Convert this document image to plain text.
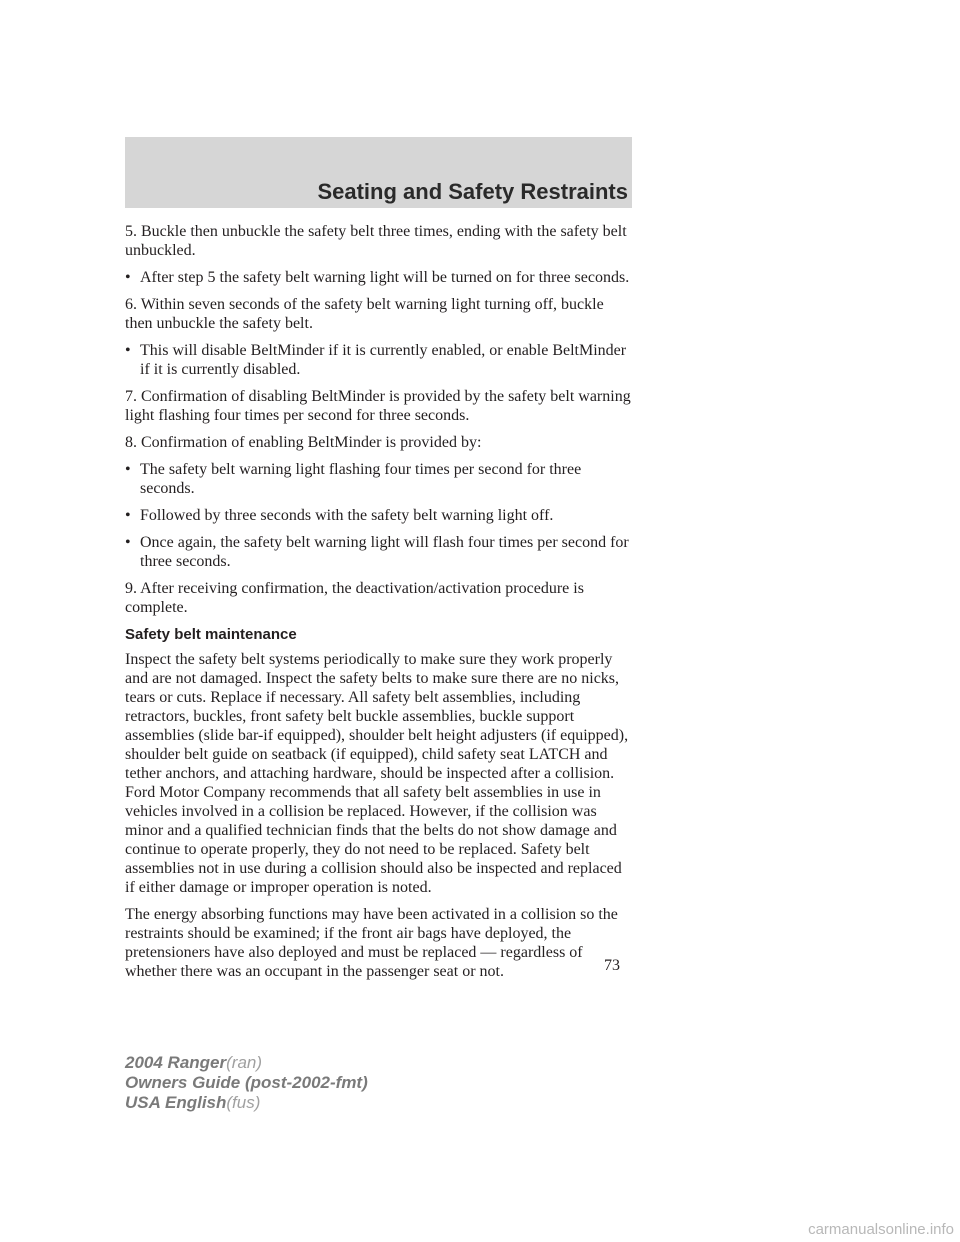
Seating and Safety Restraints

5. Buckle then unbuckle the safety belt three times, ending with the safety belt unbuckled.

• After step 5 the safety belt warning light will be turned on for three seconds.

6. Within seven seconds of the safety belt warning light turning off, buckle then unbuckle the safety belt.

• This will disable BeltMinder if it is currently enabled, or enable BeltMinder if it is currently disabled.

7. Confirmation of disabling BeltMinder is provided by the safety belt warning light flashing four times per second for three seconds.

8. Confirmation of enabling BeltMinder is provided by:

• The safety belt warning light flashing four times per second for three seconds.
• Followed by three seconds with the safety belt warning light off.
• Once again, the safety belt warning light will flash four times per second for three seconds.

9. After receiving confirmation, the deactivation/activation procedure is complete.

Safety belt maintenance

Inspect the safety belt systems periodically to make sure they work properly and are not damaged. Inspect the safety belts to make sure there are no nicks, tears or cuts. Replace if necessary. All safety belt assemblies, including retractors, buckles, front safety belt buckle assemblies, buckle support assemblies (slide bar-if equipped), shoulder belt height adjusters (if equipped), shoulder belt guide on seatback (if equipped), child safety seat LATCH and tether anchors, and attaching hardware, should be inspected after a collision. Ford Motor Company recommends that all safety belt assemblies in use in vehicles involved in a collision be replaced. However, if the collision was minor and a qualified technician finds that the belts do not show damage and continue to operate properly, they do not need to be replaced. Safety belt assemblies not in use during a collision should also be inspected and replaced if either damage or improper operation is noted.

The energy absorbing functions may have been activated in a collision so the restraints should be examined; if the front air bags have deployed, the pretensioners have also deployed and must be replaced — regardless of whether there was an occupant in the passenger seat or not.	73
2004 Ranger(ran)
Owners Guide (post-2002-fmt)
USA English(fus)
carmanualsonline.info
